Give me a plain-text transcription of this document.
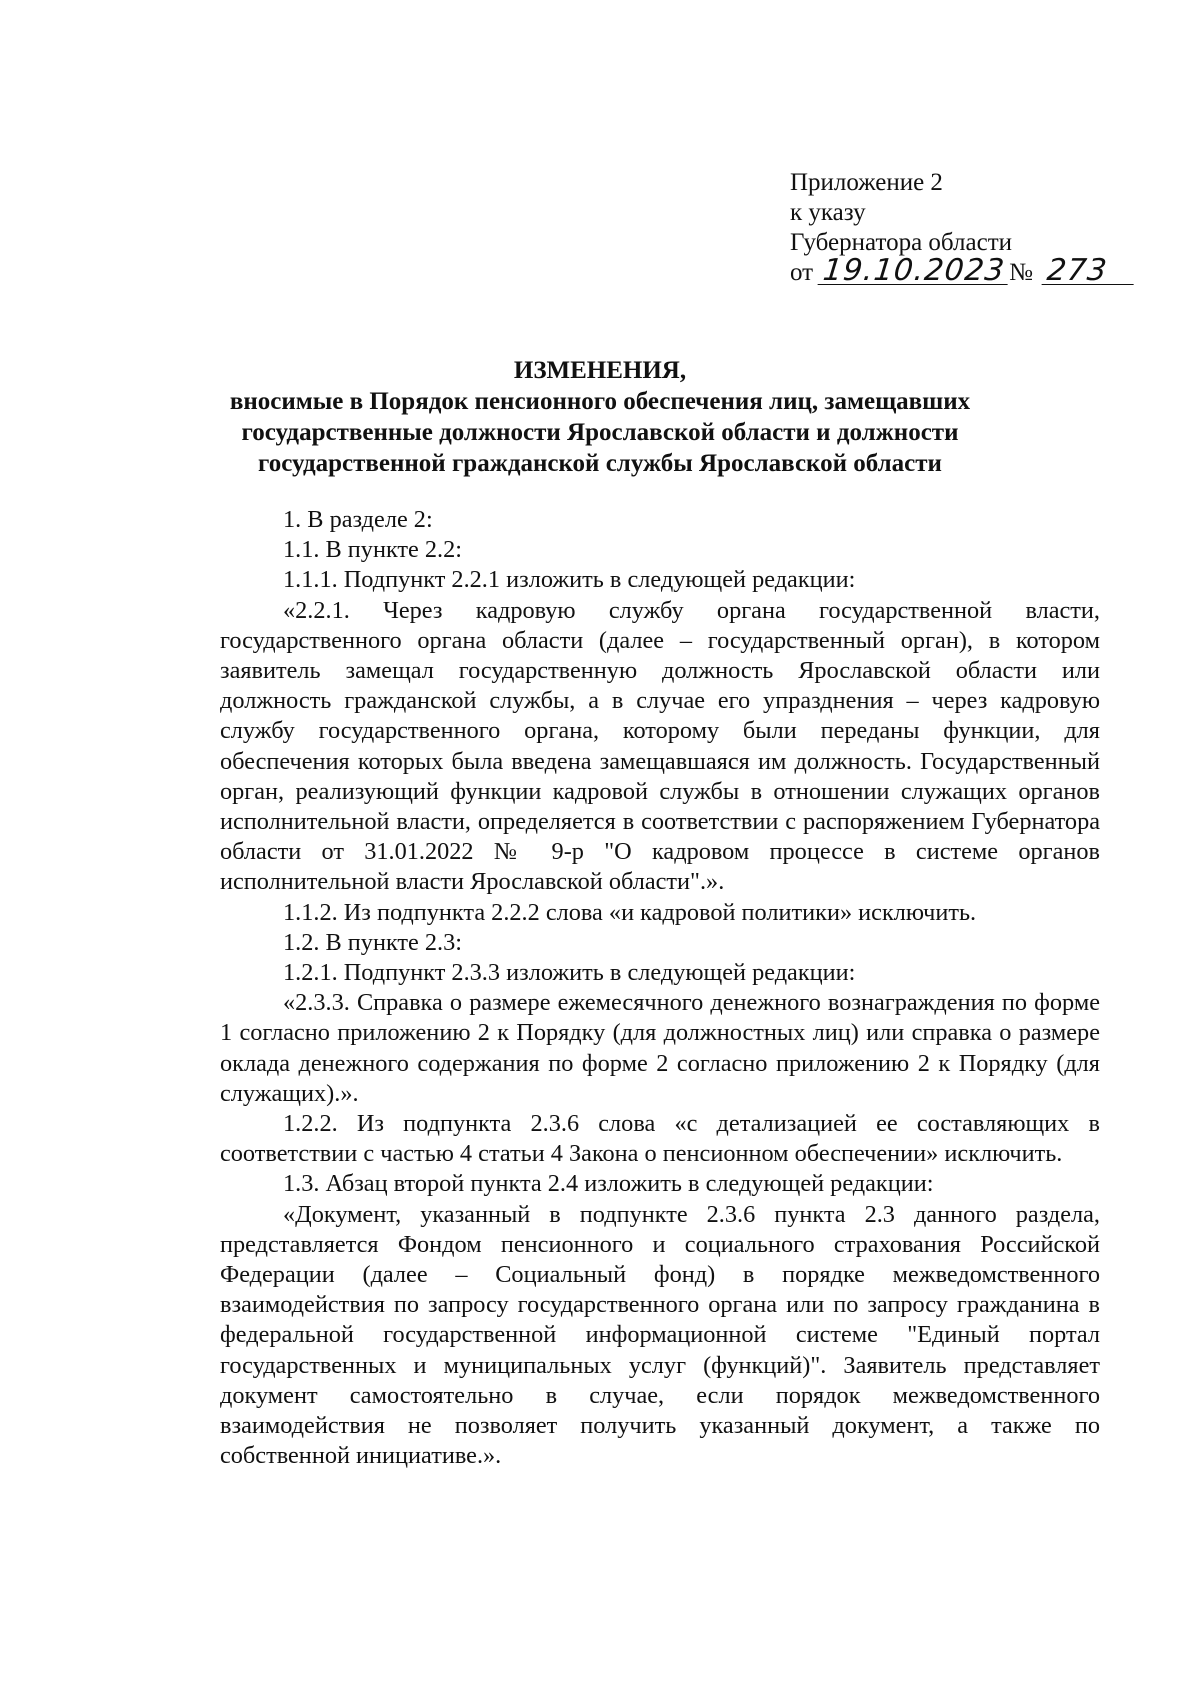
Приложение 2
к указу
Губернатора области
от 19.10.2023№ 273
ИЗМЕНЕНИЯ,
вносимые в Порядок пенсионного обеспечения лиц, замещавших
государственные должности Ярославской области и должности
государственной гражданской службы Ярославской области

1. В разделе 2:

1.1. В пункте 2.2:

1.1.1. Подпункт 2.2.1 изложить в следующей редакции:

«2.2.1. Через кадровую службу органа государственной власти, государственного органа области (далее – государственный орган), в котором заявитель замещал государственную должность Ярославской области или должность гражданской службы, а в случае его упразднения – через кадровую службу государственного органа, которому были переданы функции, для обеспечения которых была введена замещавшаяся им должность. Государственный орган, реализующий функции кадровой службы в отношении служащих органов исполнительной власти, определяется в соответствии с распоряжением Губернатора области от 31.01.2022 № 9-р "О кадровом процессе в системе органов исполнительной власти Ярославской области".».

1.1.2. Из подпункта 2.2.2 слова «и кадровой политики» исключить.

1.2. В пункте 2.3:

1.2.1. Подпункт 2.3.3 изложить в следующей редакции:

«2.3.3. Справка о размере ежемесячного денежного вознаграждения по форме 1 согласно приложению 2 к Порядку (для должностных лиц) или справка о размере оклада денежного содержания по форме 2 согласно приложению 2 к Порядку (для служащих).».

1.2.2. Из подпункта 2.3.6 слова «с детализацией ее составляющих в соответствии с частью 4 статьи 4 Закона о пенсионном обеспечении» исключить.

1.3. Абзац второй пункта 2.4 изложить в следующей редакции:

«Документ, указанный в подпункте 2.3.6 пункта 2.3 данного раздела, представляется Фондом пенсионного и социального страхования Российской Федерации (далее – Социальный фонд) в порядке межведомственного взаимодействия по запросу государственного органа или по запросу гражданина в федеральной государственной информационной системе "Единый портал государственных и муниципальных услуг (функций)". Заявитель представляет документ самостоятельно в случае, если порядок межведомственного взаимодействия не позволяет получить указанный документ, а также по собственной инициативе.».
